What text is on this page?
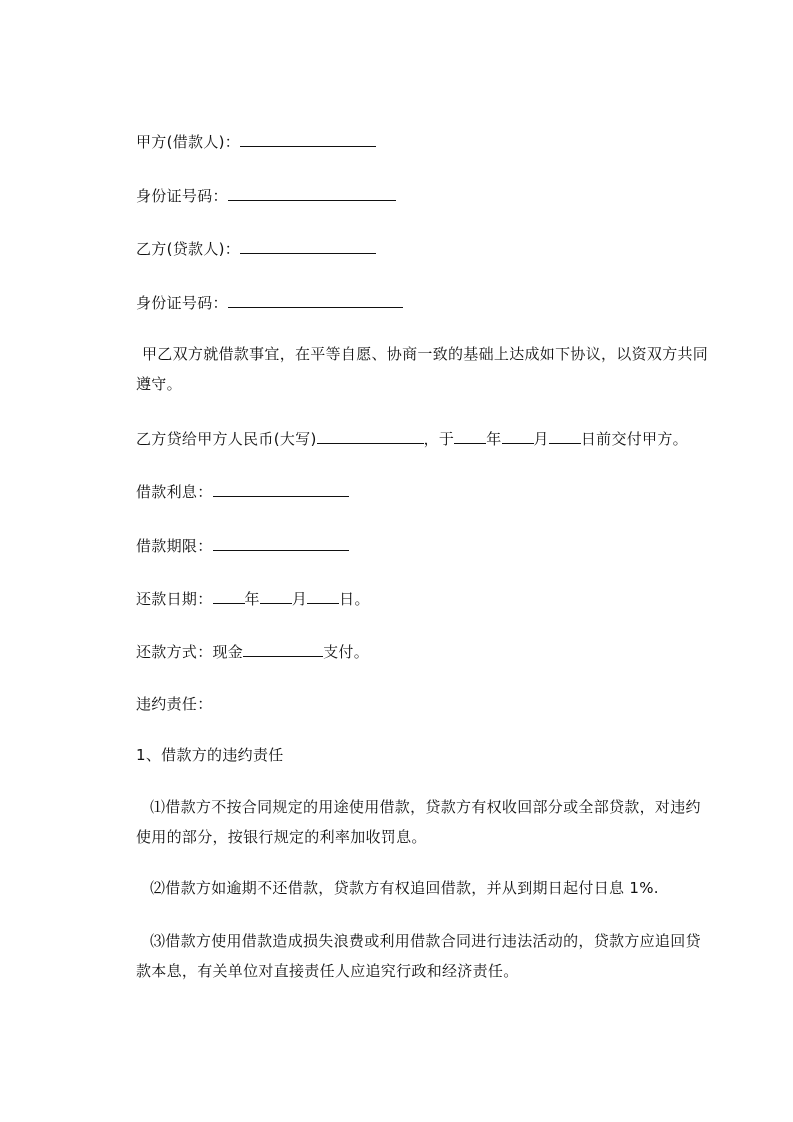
甲方(借款人)：
身份证号码：
乙方(贷款人)：
身份证号码：
甲乙双方就借款事宜，在平等自愿、协商一致的基础上达成如下协议，以资双方共同遵守。
乙方贷给甲方人民币(大写)	，于 年 月 日前交付甲方。
借款利息：
借款期限：
还款日期： 年 月 日。
还款方式：现金	支付。
违约责任：
1、借款方的违约责任
⑴借款方不按合同规定的用途使用借款，贷款方有权收回部分或全部贷款，对违约使用的部分，按银行规定的利率加收罚息。
⑵借款方如逾期不还借款，贷款方有权追回借款，并从到期日起付日息 1%.
⑶借款方使用借款造成损失浪费或利用借款合同进行违法活动的，贷款方应追回贷款本息，有关单位对直接责任人应追究行政和经济责任。
